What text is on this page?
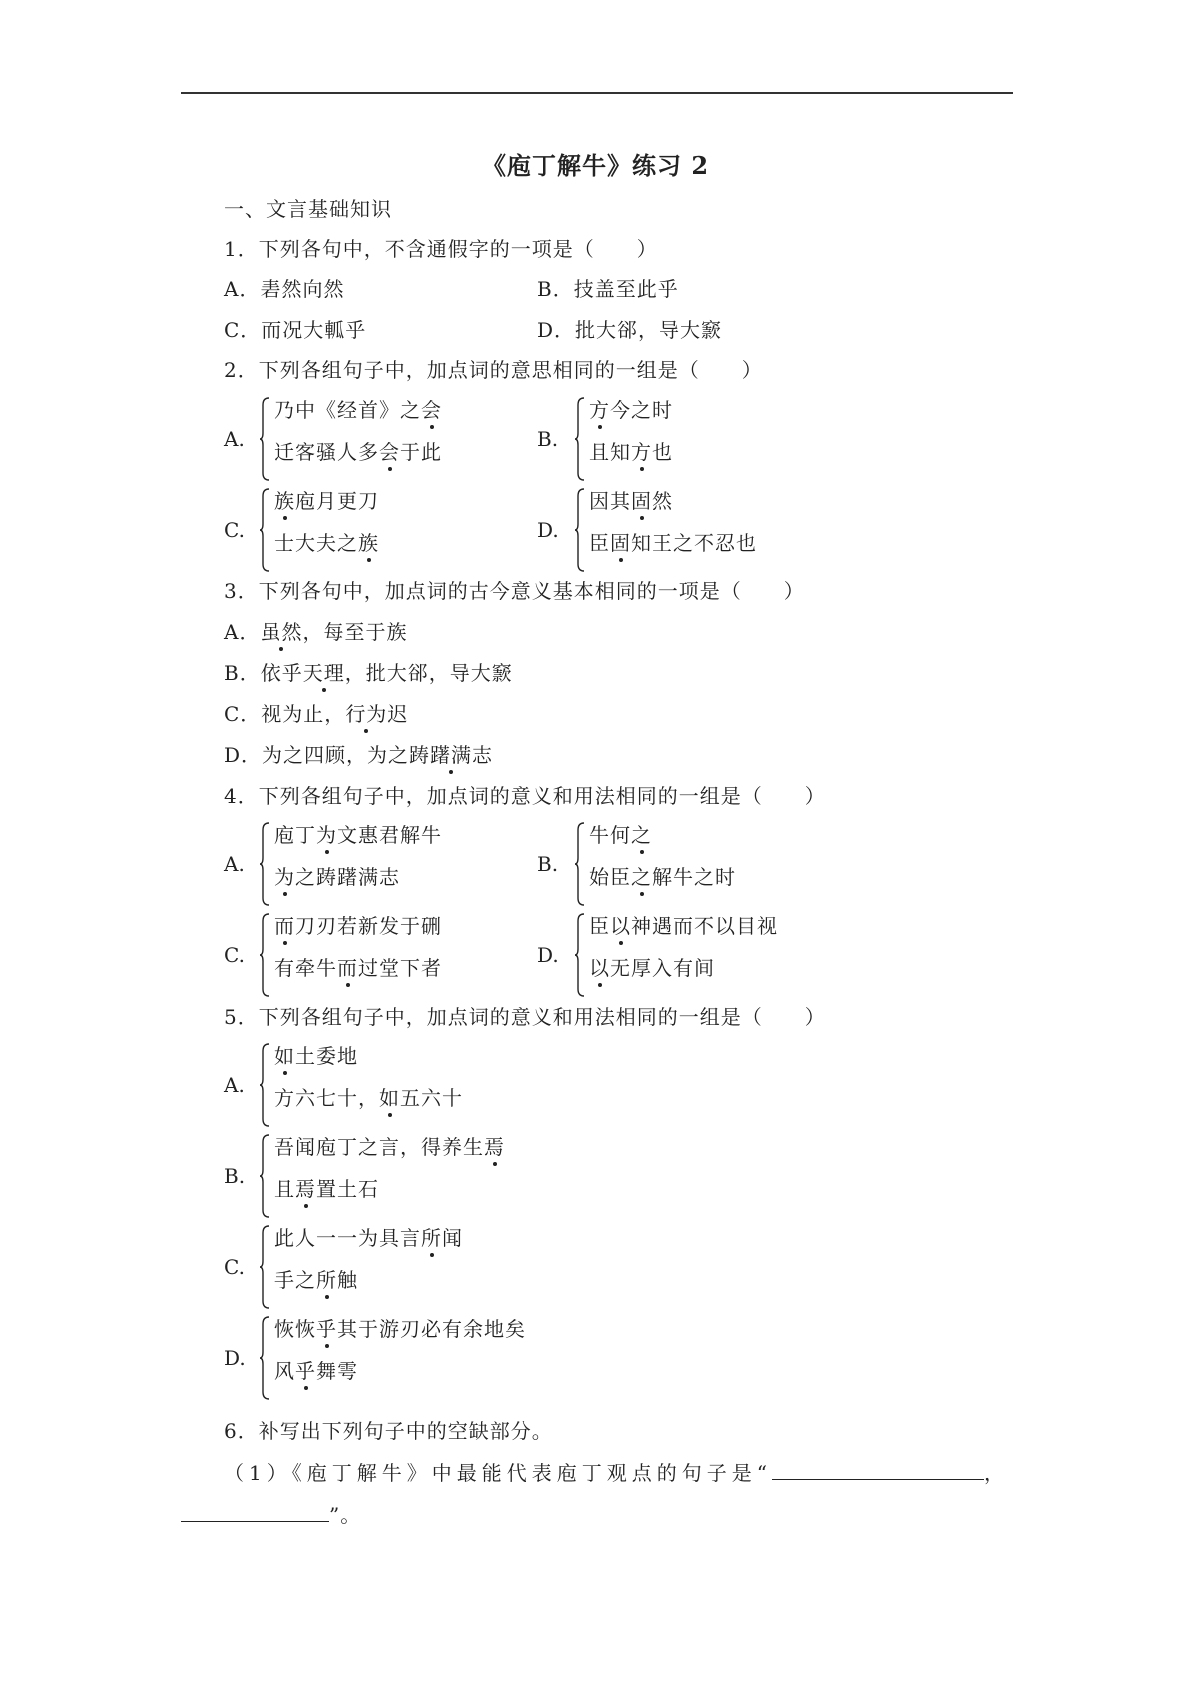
《庖丁解牛》练习 2
一、文言基础知识
1．下列各句中，不含通假字的一项是（　　）
A．砉然向然	B．技盖至此乎
C．而况大軱乎	D．批大郤，导大窾
2．下列各组句子中，加点词的意思相同的一组是（　　）
A.
乃中《经首》之会
迁客骚人多会于此
B.
方今之时
且知方也
C.
族庖月更刀
士大夫之族
D.
因其固然
臣固知王之不忍也
3．下列各句中，加点词的古今意义基本相同的一项是（　　）
A．虽然，每至于族
B．依乎天理，批大郤，导大窾
C．视为止，行为迟
D．为之四顾，为之踌躇满志
4．下列各组句子中，加点词的意义和用法相同的一组是（　　）
A.
庖丁为文惠君解牛
为之踌躇满志
B.
牛何之
始臣之解牛之时
C.
而刀刃若新发于硎
有牵牛而过堂下者
D.
臣以神遇而不以目视
以无厚入有间
5．下列各组句子中，加点词的意义和用法相同的一组是（　　）
A.
如土委地
方六七十，如五六十
B.
吾闻庖丁之言，得养生焉
且焉置土石
C.
此人一一为具言所闻
手之所触
D.
恢恢乎其于游刃必有余地矣
风乎舞雩
6．补写出下列句子中的空缺部分。
（1）《庖丁解牛》中最能代表庖丁观点的句子是“	，
”。
